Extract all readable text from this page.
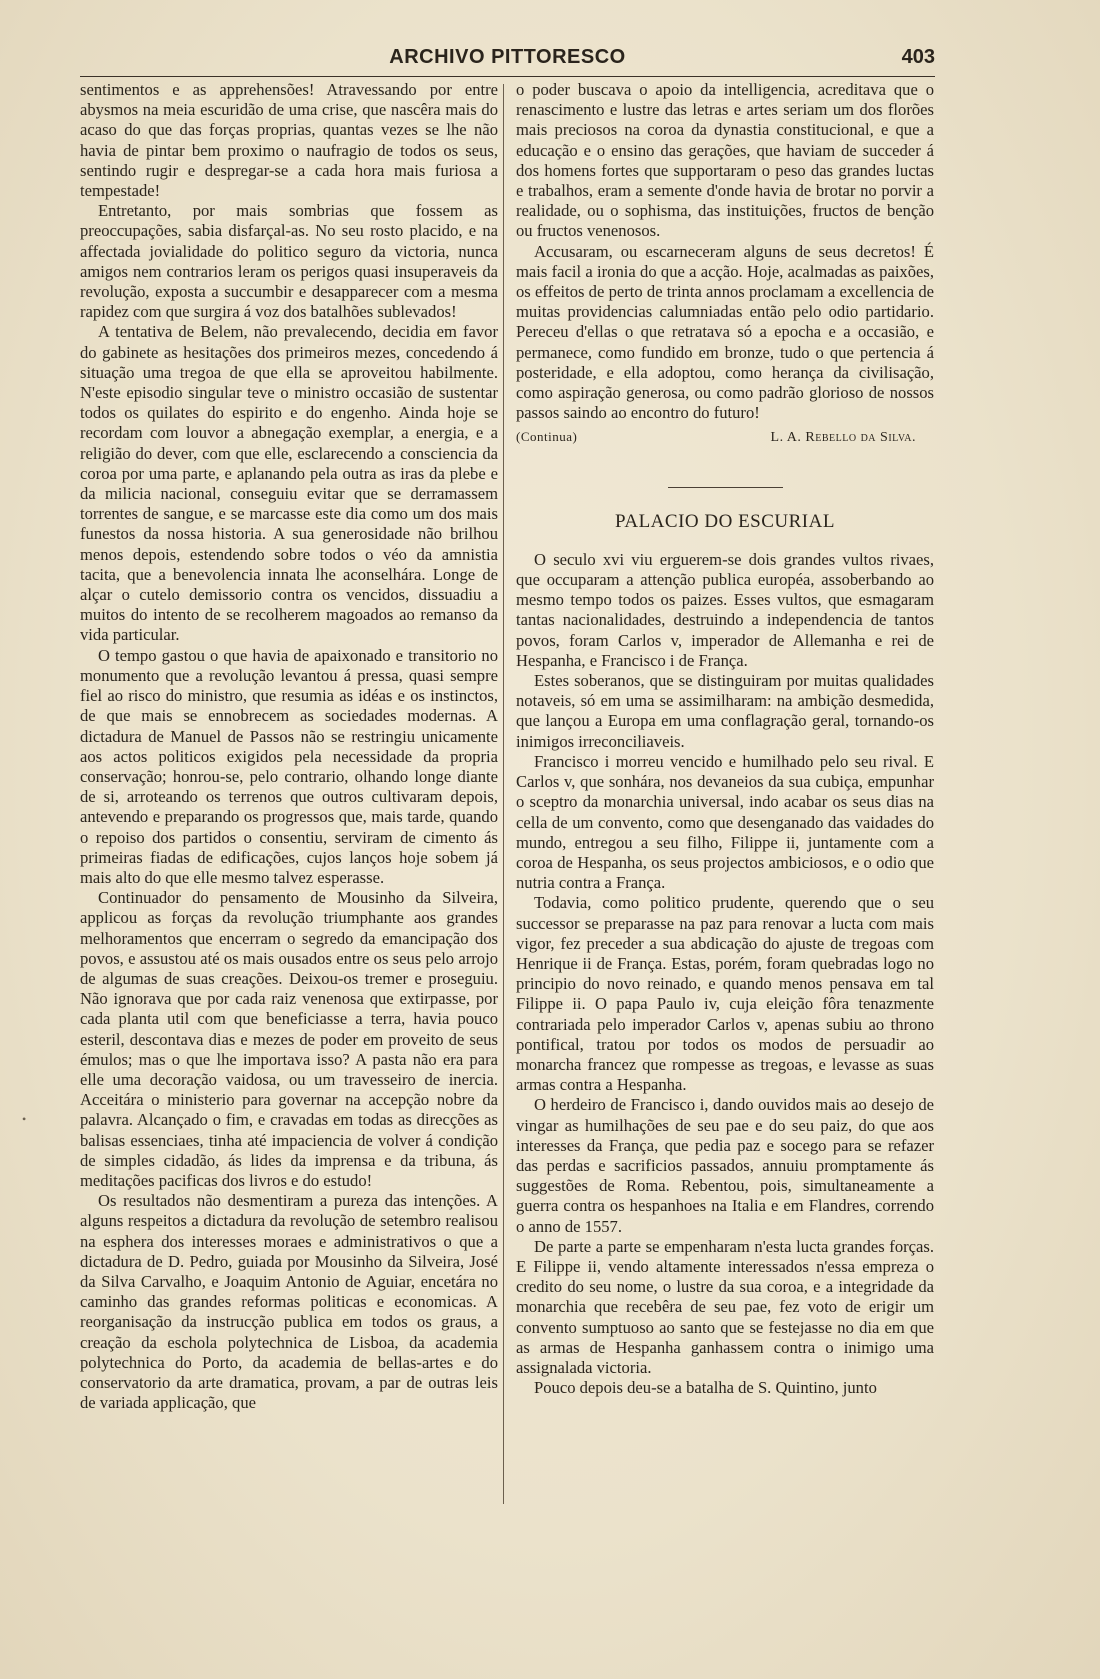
ARCHIVO PITTORESCO	403

sentimentos e as apprehensões! Atravessando por entre abysmos na meia escuridão de uma crise, que nascêra mais do acaso do que das forças proprias, quantas vezes se lhe não havia de pintar bem proximo o naufragio de todos os seus, sentindo rugir e despregar-se a cada hora mais furiosa a tempestade!

Entretanto, por mais sombrias que fossem as preoccupações, sabia disfarçal-as. No seu rosto placido, e na affectada jovialidade do politico seguro da victoria, nunca amigos nem contrarios leram os perigos quasi insuperaveis da revolução, exposta a succumbir e desapparecer com a mesma rapidez com que surgira á voz dos batalhões sublevados!

A tentativa de Belem, não prevalecendo, decidia em favor do gabinete as hesitações dos primeiros mezes, concedendo á situação uma tregoa de que ella se aproveitou habilmente. N'este episodio singular teve o ministro occasião de sustentar todos os quilates do espirito e do engenho. Ainda hoje se recordam com louvor a abnegação exemplar, a energia, e a religião do dever, com que elle, esclarecendo a consciencia da coroa por uma parte, e aplanando pela outra as iras da plebe e da milicia nacional, conseguiu evitar que se derramassem torrentes de sangue, e se marcasse este dia como um dos mais funestos da nossa historia. A sua generosidade não brilhou menos depois, estendendo sobre todos o véo da amnistia tacita, que a benevolencia innata lhe aconselhára. Longe de alçar o cutelo demissorio contra os vencidos, dissuadiu a muitos do intento de se recolherem magoados ao remanso da vida particular.

O tempo gastou o que havia de apaixonado e transitorio no monumento que a revolução levantou á pressa, quasi sempre fiel ao risco do ministro, que resumia as idéas e os instinctos, de que mais se ennobrecem as sociedades modernas. A dictadura de Manuel de Passos não se restringiu unicamente aos actos politicos exigidos pela necessidade da propria conservação; honrou-se, pelo contrario, olhando longe diante de si, arroteando os terrenos que outros cultivaram depois, antevendo e preparando os progressos que, mais tarde, quando o repoiso dos partidos o consentiu, serviram de cimento ás primeiras fiadas de edificações, cujos lanços hoje sobem já mais alto do que elle mesmo talvez esperasse.

Continuador do pensamento de Mousinho da Silveira, applicou as forças da revolução triumphante aos grandes melhoramentos que encerram o segredo da emancipação dos povos, e assustou até os mais ousados entre os seus pelo arrojo de algumas de suas creações. Deixou-os tremer e proseguiu. Não ignorava que por cada raiz venenosa que extirpasse, por cada planta util com que beneficiasse a terra, havia pouco esteril, descontava dias e mezes de poder em proveito de seus émulos; mas o que lhe importava isso? A pasta não era para elle uma decoração vaidosa, ou um travesseiro de inercia. Acceitára o ministerio para governar na accepção nobre da palavra. Alcançado o fim, e cravadas em todas as direcções as balisas essenciaes, tinha até impaciencia de volver á condição de simples cidadão, ás lides da imprensa e da tribuna, ás meditações pacificas dos livros e do estudo!

Os resultados não desmentiram a pureza das intenções. A alguns respeitos a dictadura da revolução de setembro realisou na esphera dos interesses moraes e administrativos o que a dictadura de D. Pedro, guiada por Mousinho da Silveira, José da Silva Carvalho, e Joaquim Antonio de Aguiar, encetára no caminho das grandes reformas politicas e economicas. A reorganisação da instrucção publica em todos os graus, a creação da eschola polytechnica de Lisboa, da academia polytechnica do Porto, da academia de bellas-artes e do conservatorio da arte dramatica, provam, a par de outras leis de variada applicação, que

o poder buscava o apoio da intelligencia, acreditava que o renascimento e lustre das letras e artes seriam um dos florões mais preciosos na coroa da dynastia constitucional, e que a educação e o ensino das gerações, que haviam de succeder á dos homens fortes que supportaram o peso das grandes luctas e trabalhos, eram a semente d'onde havia de brotar no porvir a realidade, ou o sophisma, das instituições, fructos de benção ou fructos venenosos.

Accusaram, ou escarneceram alguns de seus decretos! É mais facil a ironia do que a acção. Hoje, acalmadas as paixões, os effeitos de perto de trinta annos proclamam a excellencia de muitas providencias calumniadas então pelo odio partidario. Pereceu d'ellas o que retratava só a epocha e a occasião, e permanece, como fundido em bronze, tudo o que pertencia á posteridade, e ella adoptou, como herança da civilisação, como aspiração generosa, ou como padrão glorioso de nossos passos saindo ao encontro do futuro!

(Continua)	L. A. Rebello da Silva.
PALACIO DO ESCURIAL

O seculo xvi viu erguerem-se dois grandes vultos rivaes, que occuparam a attenção publica européa, assoberbando ao mesmo tempo todos os paizes. Esses vultos, que esmagaram tantas nacionalidades, destruindo a independencia de tantos povos, foram Carlos v, imperador de Allemanha e rei de Hespanha, e Francisco i de França.

Estes soberanos, que se distinguiram por muitas qualidades notaveis, só em uma se assimilharam: na ambição desmedida, que lançou a Europa em uma conflagração geral, tornando-os inimigos irreconciliaveis.

Francisco i morreu vencido e humilhado pelo seu rival. E Carlos v, que sonhára, nos devaneios da sua cubiça, empunhar o sceptro da monarchia universal, indo acabar os seus dias na cella de um convento, como que desenganado das vaidades do mundo, entregou a seu filho, Filippe ii, juntamente com a coroa de Hespanha, os seus projectos ambiciosos, e o odio que nutria contra a França.

Todavia, como politico prudente, querendo que o seu successor se preparasse na paz para renovar a lucta com mais vigor, fez preceder a sua abdicação do ajuste de tregoas com Henrique ii de França. Estas, porém, foram quebradas logo no principio do novo reinado, e quando menos pensava em tal Filippe ii. O papa Paulo iv, cuja eleição fôra tenazmente contrariada pelo imperador Carlos v, apenas subiu ao throno pontifical, tratou por todos os modos de persuadir ao monarcha francez que rompesse as tregoas, e levasse as suas armas contra a Hespanha.

O herdeiro de Francisco i, dando ouvidos mais ao desejo de vingar as humilhações de seu pae e do seu paiz, do que aos interesses da França, que pedia paz e socego para se refazer das perdas e sacrificios passados, annuiu promptamente ás suggestões de Roma. Rebentou, pois, simultaneamente a guerra contra os hespanhoes na Italia e em Flandres, correndo o anno de 1557.

De parte a parte se empenharam n'esta lucta grandes forças. E Filippe ii, vendo altamente interessados n'essa empreza o credito do seu nome, o lustre da sua coroa, e a integridade da monarchia que recebêra de seu pae, fez voto de erigir um convento sumptuoso ao santo que se festejasse no dia em que as armas de Hespanha ganhassem contra o inimigo uma assignalada victoria.

Pouco depois deu-se a batalha de S. Quintino, junto

•
